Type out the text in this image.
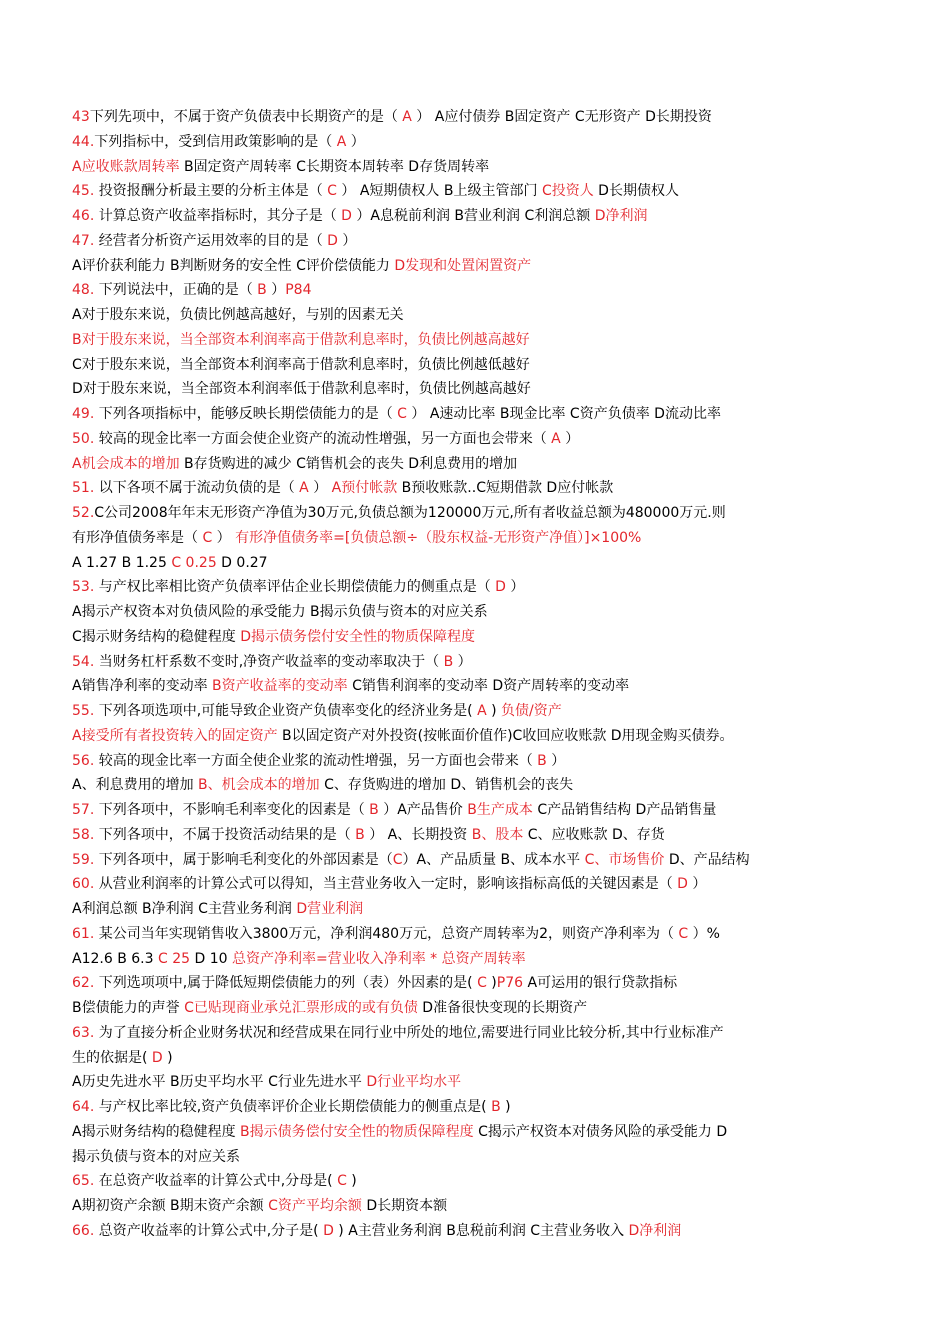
43下列先项中，不属于资产负债表中长期资产的是（ A ） A应付债券 B固定资产 C无形资产 D长期投资
44.下列指标中，受到信用政策影响的是（ A ）
A应收账款周转率 B固定资产周转率 C长期资本周转率 D存货周转率
45. 投资报酬分析最主要的分析主体是（ C ） A短期债权人 B上级主管部门 C投资人 D长期债权人
46. 计算总资产收益率指标时，其分子是（ D ）A息税前利润 B营业利润 C利润总额 D净利润
47. 经营者分析资产运用效率的目的是（ D ）
A评价获利能力 B判断财务的安全性 C评价偿债能力 D发现和处置闲置资产
48. 下列说法中，正确的是（ B ）P84
A对于股东来说，负债比例越高越好，与别的因素无关
B对于股东来说，当全部资本利润率高于借款利息率时，负债比例越高越好
C对于股东来说，当全部资本利润率高于借款利息率时，负债比例越低越好
D对于股东来说，当全部资本利润率低于借款利息率时，负债比例越高越好
49. 下列各项指标中，能够反映长期偿债能力的是（ C ） A速动比率 B现金比率 C资产负债率 D流动比率
50. 较高的现金比率一方面会使企业资产的流动性增强，另一方面也会带来（ A ）
A机会成本的增加 B存货购进的减少 C销售机会的丧失 D利息费用的增加
51. 以下各项不属于流动负债的是（ A ） A预付帐款 B预收账款..C短期借款 D应付帐款
52.C公司2008年年末无形资产净值为30万元,负债总额为120000万元,所有者收益总额为480000万元.则
有形净值债务率是（ C ） 有形净值债务率=[负债总额÷（股东权益-无形资产净值）]×100%
A 1.27 B 1.25 C 0.25 D 0.27
53. 与产权比率相比资产负债率评估企业长期偿债能力的侧重点是（ D ）
A揭示产权资本对负债风险的承受能力 B揭示负债与资本的对应关系
C揭示财务结构的稳健程度 D揭示债务偿付安全性的物质保障程度
54. 当财务杠杆系数不变时,净资产收益率的变动率取决于（ B ）
A销售净利率的变动率 B资产收益率的变动率 C销售利润率的变动率 D资产周转率的变动率
55. 下列各项选项中,可能导致企业资产负债率变化的经济业务是( A ) 负债/资产
A接受所有者投资转入的固定资产 B以固定资产对外投资(按帐面价值作)C收回应收账款 D用现金购买债券。
56. 较高的现金比率一方面全使企业浆的流动性增强，另一方面也会带来（ B ）
A、利息费用的增加 B、机会成本的增加 C、存货购进的增加 D、销售机会的丧失
57. 下列各项中，不影响毛利率变化的因素是（ B ）A产品售价 B生产成本 C产品销售结构 D产品销售量
58. 下列各项中，不属于投资活动结果的是（ B ） A、长期投资 B、股本 C、应收账款 D、存货
59. 下列各项中，属于影响毛利变化的外部因素是（C）A、产品质量 B、成本水平 C、市场售价 D、产品结构
60. 从营业利润率的计算公式可以得知，当主营业务收入一定时，影响该指标高低的关键因素是（ D ）
A利润总额 B净利润 C主营业务利润 D营业利润
61. 某公司当年实现销售收入3800万元，净利润480万元，总资产周转率为2，则资产净利率为（ C ）%
A12.6 B 6.3 C 25 D 10 总资产净利率=营业收入净利率 * 总资产周转率
62. 下列选项项中,属于降低短期偿债能力的列（表）外因素的是( C )P76 A可运用的银行贷款指标
B偿债能力的声誉 C已贴现商业承兑汇票形成的或有负债 D准备很快变现的长期资产
63. 为了直接分析企业财务状况和经营成果在同行业中所处的地位,需要进行同业比较分析,其中行业标准产
生的依据是( D )
A历史先进水平 B历史平均水平 C行业先进水平 D行业平均水平
64. 与产权比率比较,资产负债率评价企业长期偿债能力的侧重点是( B )
A揭示财务结构的稳健程度 B揭示债务偿付安全性的物质保障程度 C揭示产权资本对债务风险的承受能力 D
揭示负债与资本的对应关系
65. 在总资产收益率的计算公式中,分母是( C )
A期初资产余额 B期末资产余额 C资产平均余额 D长期资本额
66. 总资产收益率的计算公式中,分子是( D ) A主营业务利润 B息税前利润 C主营业务收入 D净利润
